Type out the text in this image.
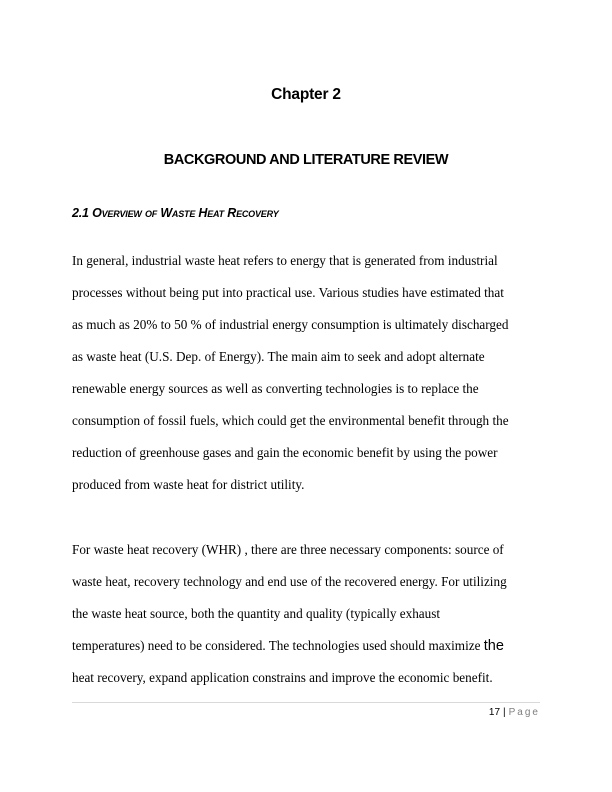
Chapter 2
BACKGROUND AND LITERATURE REVIEW
2.1 Overview of Waste Heat Recovery
In general, industrial waste heat refers to energy that is generated from industrial
processes without being put into practical use. Various studies have estimated that
as much as 20% to 50 % of industrial energy consumption is ultimately discharged
as waste heat (U.S. Dep. of Energy). The main aim to seek and adopt alternate
renewable energy sources as well as converting technologies is to replace the
consumption of fossil fuels, which could get the environmental benefit through the
reduction of greenhouse gases and gain the economic benefit by using the power
produced from waste heat for district utility.
For waste heat recovery (WHR) , there are three necessary components: source of
waste heat, recovery technology and end use of the recovered energy. For utilizing
the waste heat source, both the quantity and quality (typically exhaust
temperatures) need to be considered. The technologies used should maximize the
heat recovery, expand application constrains and improve the economic benefit.
17 | Page
